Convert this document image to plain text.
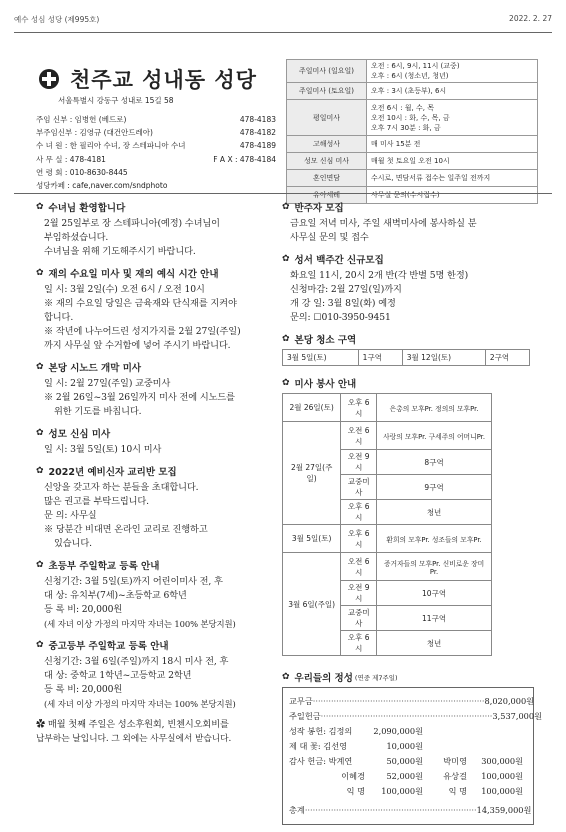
예수 성심 성당 (제995호)	2022. 2. 27
천주교 성내동 성당
서울특별시 강동구 성내로 15길 58
주임 신부 : 임병헌 (베드로)	478-4183
부주임신부 : 김영규 (대건안드레아)	478-4182
수 녀 원 : 한 필리아 수녀, 장 스테파니아 수녀	478-4189
사 무 실 : 478-4181	F A X : 478-4184
연 령 회 : 010-8630-8445
성당카페 : cafe,naver.com/sndphoto
주일미사 (일요일)	오전 : 6시, 9시, 11시 (교중)
오후 : 6시 (청소년, 청년)

주일미사 (토요일)	오후 : 3시 (초등부), 6시
평일미사	오전 6시 : 월, 수, 목
오전 10시 : 화, 수, 목, 금
오후 7시 30분 : 화, 금

고해성사	매 미사 15분 전
성모 신심 미사	매월 첫 토요일 오전 10시
혼인면담	수시로, 면담서류 접수는 일주일 전까지
유아세례	사무실 문의(수시접수)
✿ 수녀님 환영합니다
2월 25일부로 장 스테파니아(예정) 수녀님이
부임하셨습니다.
수녀님을 위해 기도해주시기 바랍니다.
✿ 재의 수요일 미사 및 재의 예식 시간 안내
일 시: 3월 2일(수) 오전 6시 / 오전 10시
※ 재의 수요일 당일은 금육재와 단식재를 지켜야
합니다.
※ 작년에 나누어드린 성지가지를 2월 27일(주일)
까지 사무실 앞 수거함에 넣어 주시기 바랍니다.
✿ 본당 시노드 개막 미사
일 시: 2월 27일(주일) 교중미사
※ 2월 26일~3월 26일까지 미사 전에 시노드를
위한 기도를 바칩니다.
✿ 성모 신심 미사
일 시: 3월 5일(토) 10시 미사
✿ 2022년 예비신자 교리반 모집
신앙을 갖고자 하는 분들을 초대합니다.
많은 권고를 부탁드립니다.
문 의: 사무실
※ 당분간 비대면 온라인 교리로 진행하고
있습니다.
✿ 초등부 주일학교 등록 안내
신청기간: 3월 5일(토)까지 어린이미사 전, 후
대 상: 유치부(7세)~초등학교 6학년
등 록 비: 20,000원
(세 자녀 이상 가정의 마지막 자녀는 100% 본당지원)
✿ 중고등부 주일학교 등록 안내
신청기간: 3월 6일(주일)까지 18시 미사 전, 후
대 상: 중학교 1학년~고등학교 2학년
등 록 비: 20,000원
(세 자녀 이상 가정의 마지막 자녀는 100% 본당지원)
✿ 매월 첫째 주일은 성소후원회, 빈첸시오회비를
납부하는 날입니다. 그 외에는 사무실에서 받습니다.
✿ 반주자 모집
금요일 저녁 미사, 주일 새벽미사에 봉사하실 분
사무실 문의 및 접수
✿ 성서 백주간 신규모집
화요일 11시, 20시 2개 반(각 반별 5명 한정)
신청마감: 2월 27일(일)까지
개 강 일: 3월 8일(화) 예정
문의: ☐010-3950-9451
✿ 본당 청소 구역
3월 5일(토)	1구역	3월 12일(토)	2구역
✿ 미사 봉사 안내
2월 26일(토)	오후 6시	은총의 모후Pr. 정의의 모후Pr.
2월 27일(주일)	오전 6시	사랑의 모후Pr. 구세주의 어머니Pr.
	오전 9시	8구역
	교중미사	9구역
	오후 6시	청년
3월 5일(토)	오후 6시	환희의 모후Pr. 성조들의 모후Pr.
3월 6일(주일)	오전 6시	증거자들의 모후Pr. 신비로운 장미Pr.
	오전 9시	10구역
	교중미사	11구역
	오후 6시	청년
✿ 우리들의 정성 (연중 제7주일)
교무금 ·································································· 8,020,000원
주일헌금 ·································································· 3,537,000원
성작 봉헌: 김정의	2,090,000원
제 대 꽃: 김선영	10,000원
감사 헌금: 박계연	50,000원 박미영 300,000원
이혜경	52,000원 유상걸 100,000원
익 명 100,000원	익 명 100,000원
총계 ·································································· 14,359,000원
